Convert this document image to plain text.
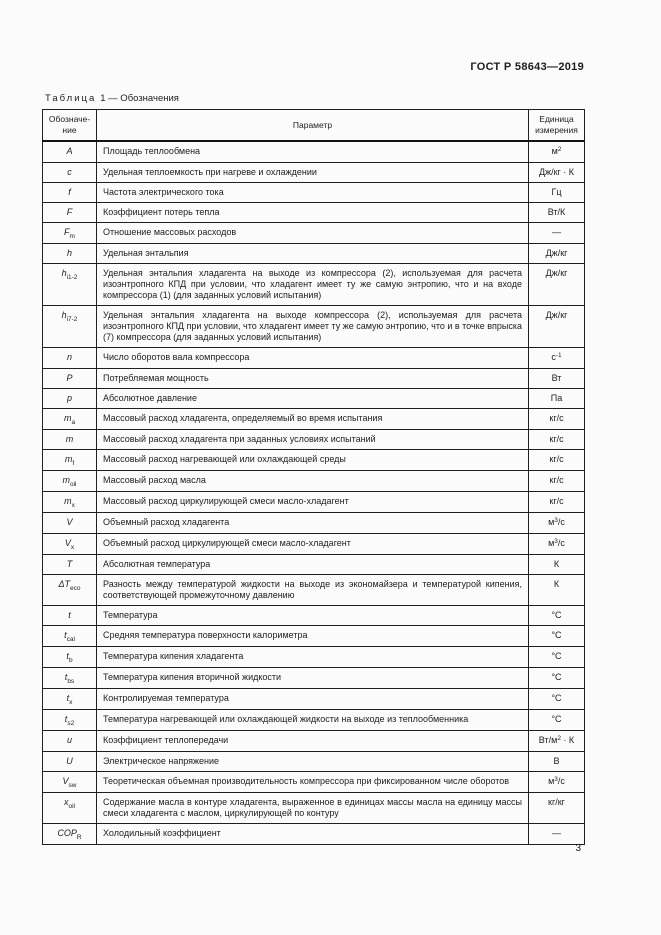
ГОСТ Р 58643—2019
Таблица 1 — Обозначения
Обозначе-ние	Параметр	Единица измерения
A	Площадь теплообмена	$м^2$
c	Удельная теплоемкость при нагреве и охлаждении	Дж/кг · К
f	Частота электрического тока	Гц
F	Коэффициент потерь тепла	Вт/К
$F_m$	Отношение массовых расходов	—
h	Удельная энтальпия	Дж/кг
$h_{i1-2}$	Удельная энтальпия хладагента на выходе из компрессора (2), используемая для расчета изоэнтропного КПД при условии, что хладагент имеет ту же самую энтропию, что и на входе компрессора (1) (для заданных условий испытания)	Дж/кг
$h_{i7-2}$	Удельная энтальпия хладагента на выходе компрессора (2), используемая для расчета изоэнтропного КПД при условии, что хладагент имеет ту же самую энтропию, что и в точке впрыска (7) компрессора (для заданных условий испытания)	Дж/кг
n	Число оборотов вала компрессора	$с^{-1}$
P	Потребляемая мощность	Вт
p	Абсолютное давление	Па
$m_a$	Массовый расход хладагента, определяемый во время испытания	кг/с
m	Массовый расход хладагента при заданных условиях испытаний	кг/с
$m_f$	Массовый расход нагревающей или охлаждающей среды	кг/с
$m_{oil}$	Массовый расход масла	кг/с
$m_x$	Массовый расход циркулирующей смеси масло-хладагент	кг/с
V	Объемный расход хладагента	$м^3/с$
$V_x$	Объемный расход циркулирующей смеси масло-хладагент	$м^3/с$
T	Абсолютная температура	К
$\Delta T_{eco}$	Разность между температурой жидкости на выходе из экономайзера и температурой кипения, соответствующей промежуточному давлению	К
t	Температура	°С
$t_{cal}$	Средняя температура поверхности калориметра	°С
$t_b$	Температура кипения хладагента	°С
$t_{bs}$	Температура кипения вторичной жидкости	°С
$t_x$	Контролируемая температура	°С
$t_{s2}$	Температура нагревающей или охлаждающей жидкости на выходе из теплообменника	°С
u	Коэффициент теплопередачи	$Вт/м^2 \cdot К$
U	Электрическое напряжение	В
$V_{sw}$	Теоретическая объемная производительность компрессора при фиксированном числе оборотов	$м^3/с$
$x_{oil}$	Содержание масла в контуре хладагента, выраженное в единицах массы масла на единицу массы смеси хладагента с маслом, циркулирующей по контуру	кг/кг
$COP_R$	Холодильный коэффициент	—
3
